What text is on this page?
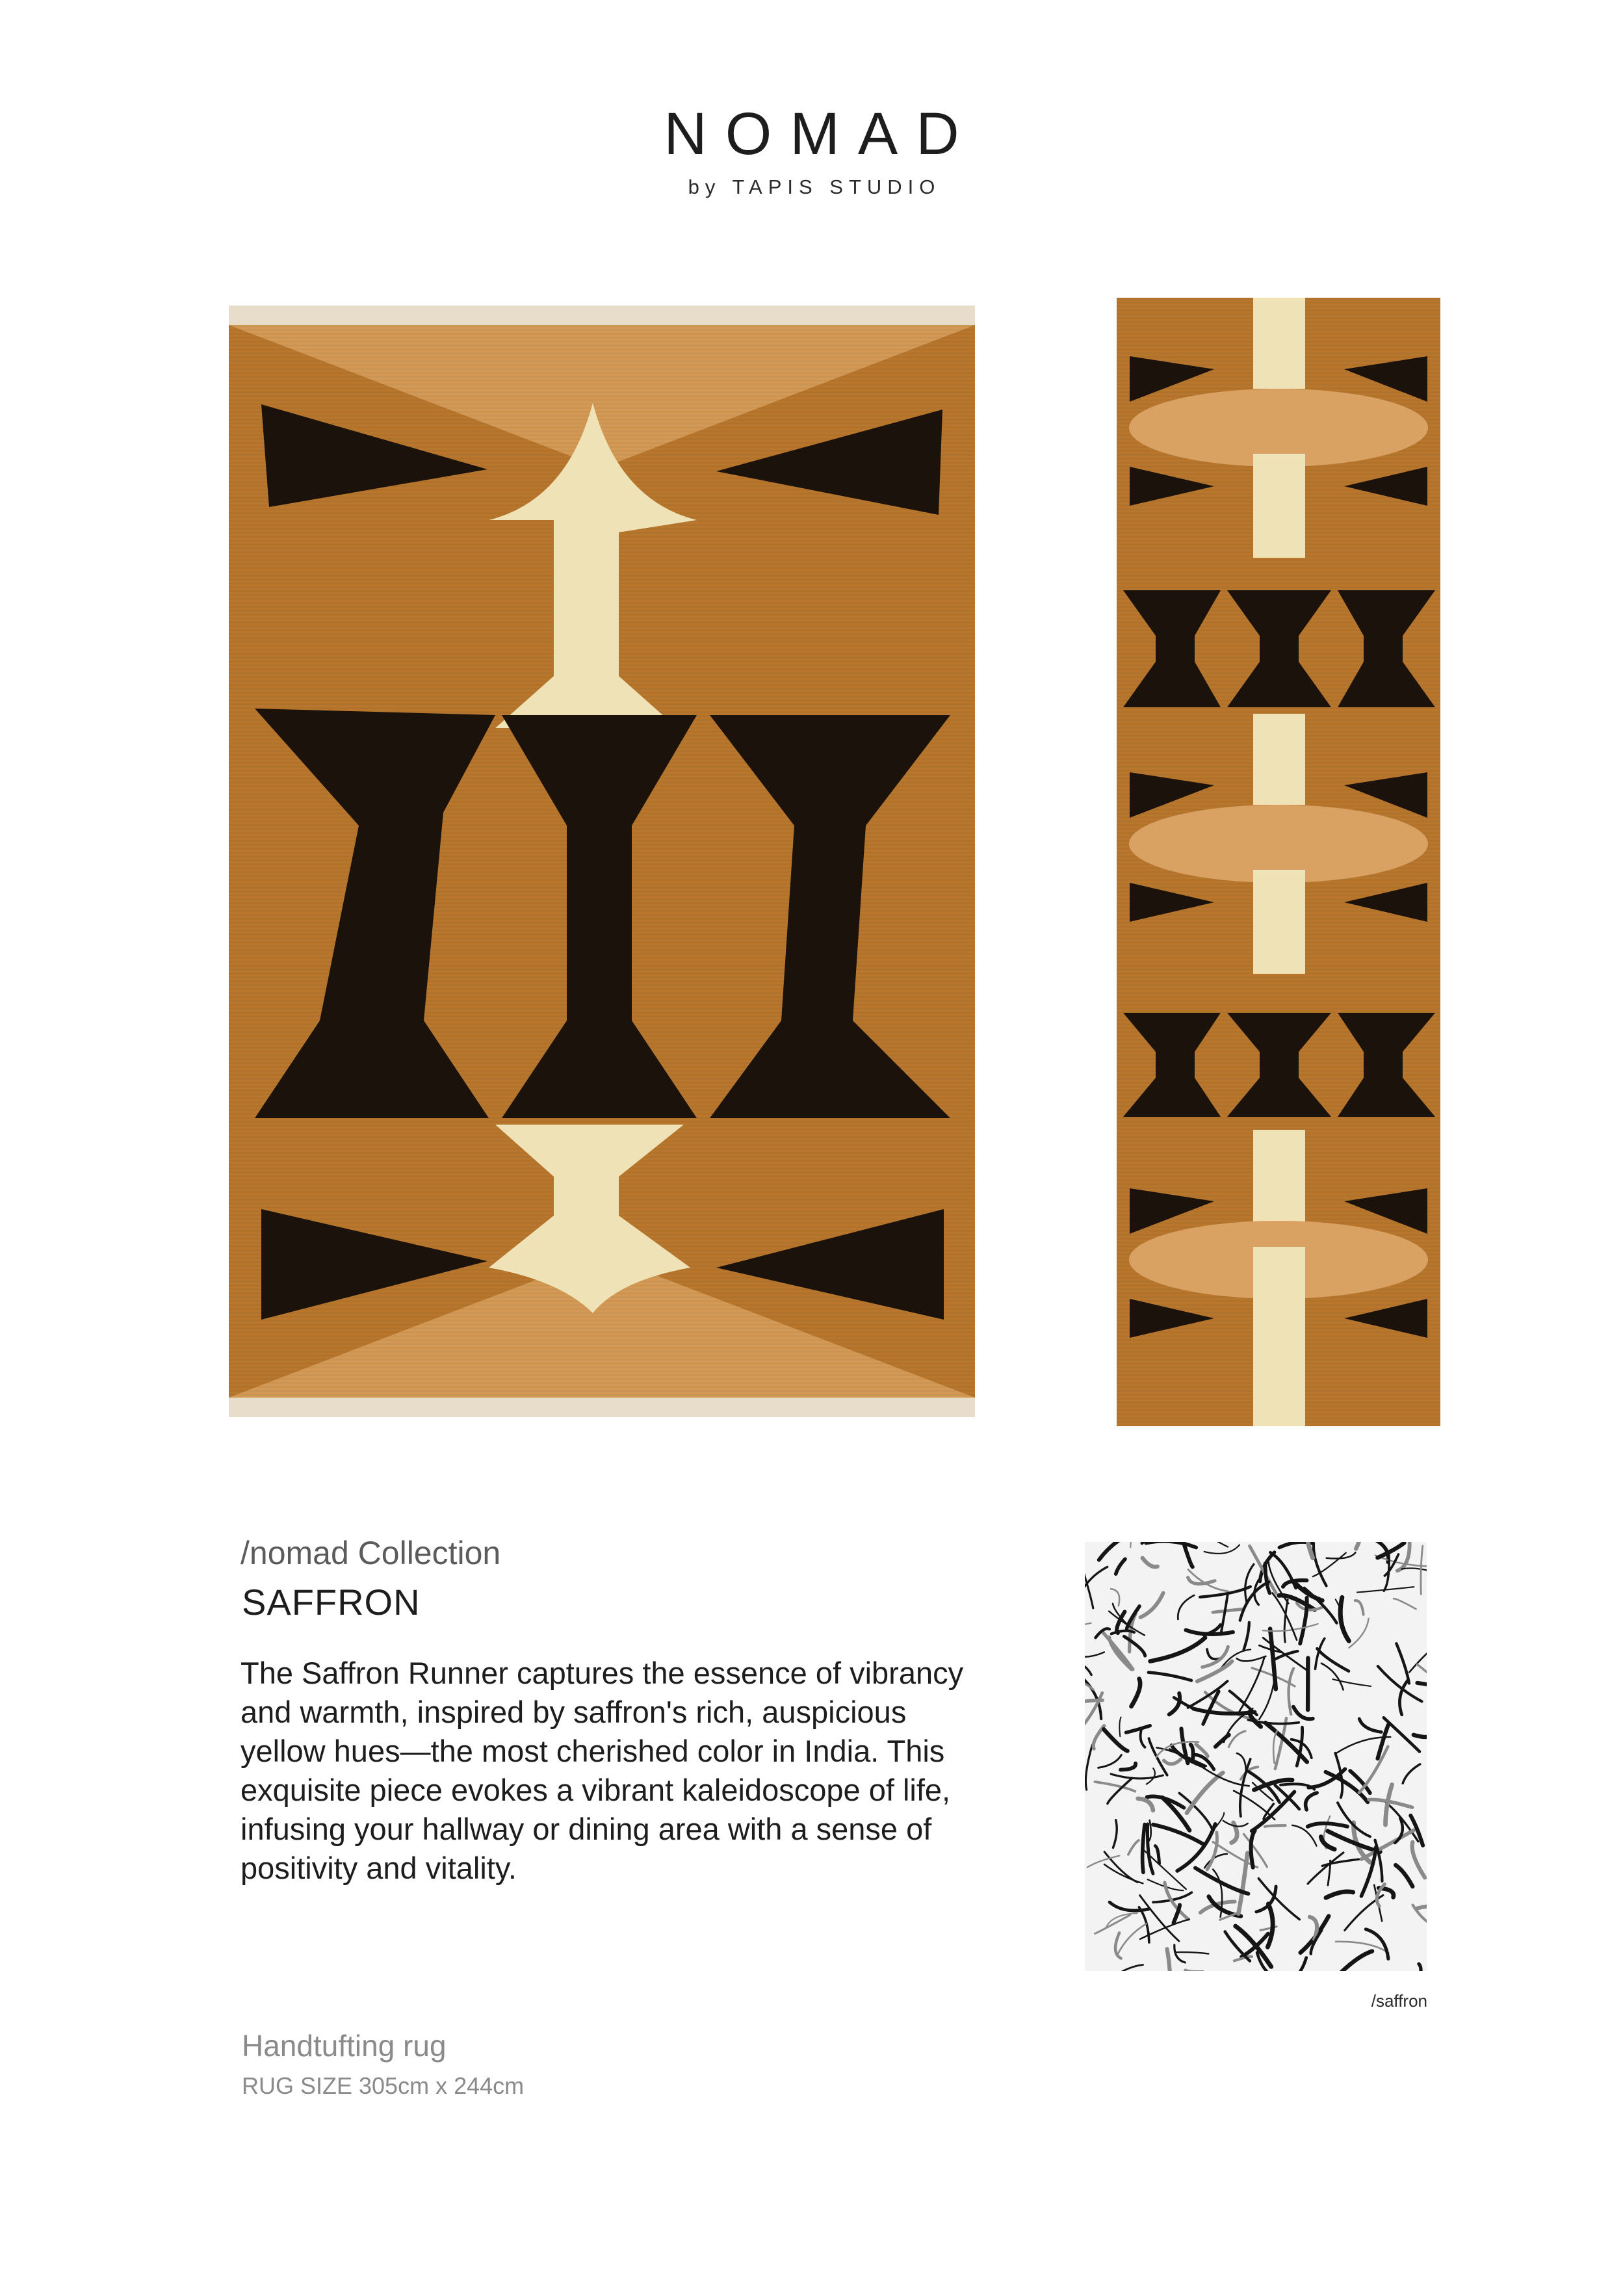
NOMAD
by TAPIS STUDIO
/nomad Collection
SAFFRON

The Saffron Runner captures the essence of vibrancy and warmth, inspired by saffron's rich, auspicious yellow hues—the most cherished color in India. This exquisite piece evokes a vibrant kaleidoscope of life, infusing your hallway or dining area with a sense of positivity and vitality.

/saffron
Handtufting rug
RUG SIZE 305cm x 244cm
